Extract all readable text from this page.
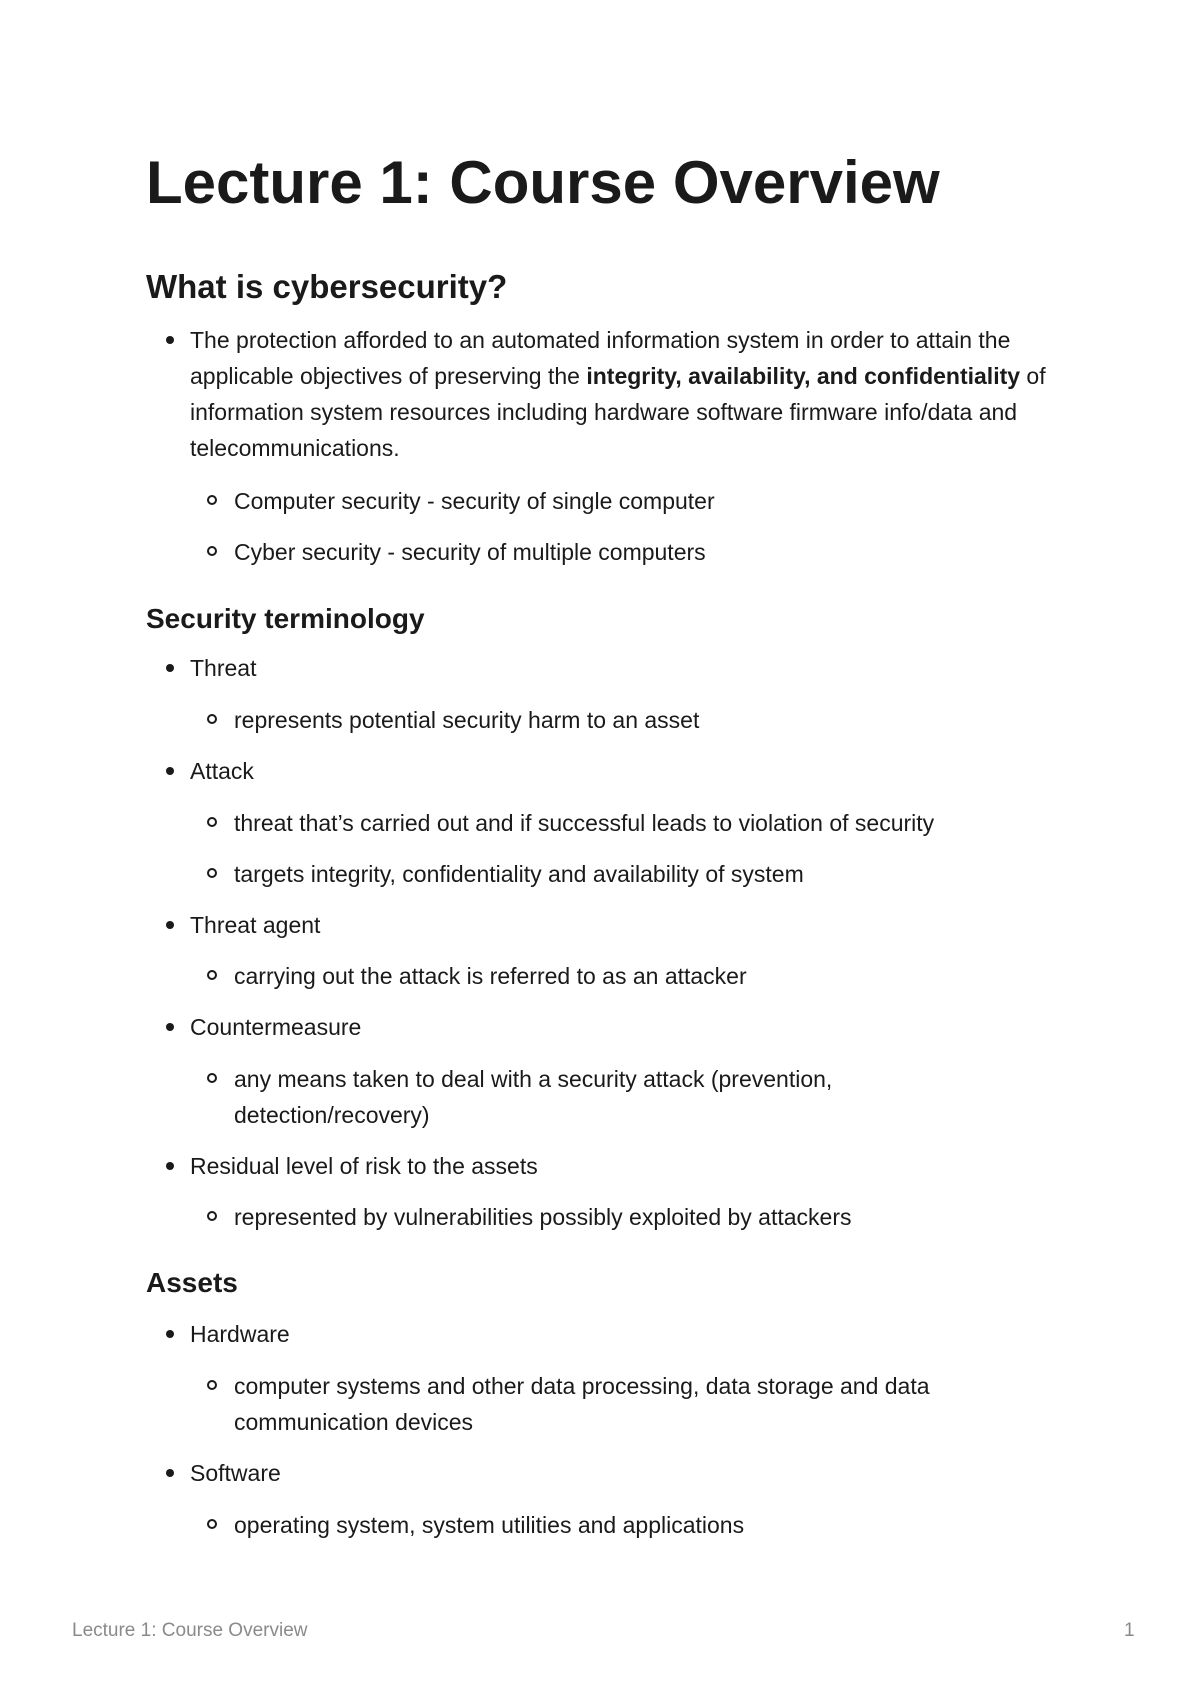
Lecture 1: Course Overview
What is cybersecurity?
The protection afforded to an automated information system in order to attain the applicable objectives of preserving the integrity, availability, and confidentiality of information system resources including hardware software firmware info/data and telecommunications.
Computer security - security of single computer
Cyber security - security of multiple computers
Security terminology
Threat
represents potential security harm to an asset
Attack
threat that’s carried out and if successful leads to violation of security
targets integrity, confidentiality and availability of system
Threat agent
carrying out the attack is referred to as an attacker
Countermeasure
any means taken to deal with a security attack (prevention, detection/recovery)
Residual level of risk to the assets
represented by vulnerabilities possibly exploited by attackers
Assets
Hardware
computer systems and other data processing, data storage and data communication devices
Software
operating system, system utilities and applications
Lecture 1: Course Overview	1
